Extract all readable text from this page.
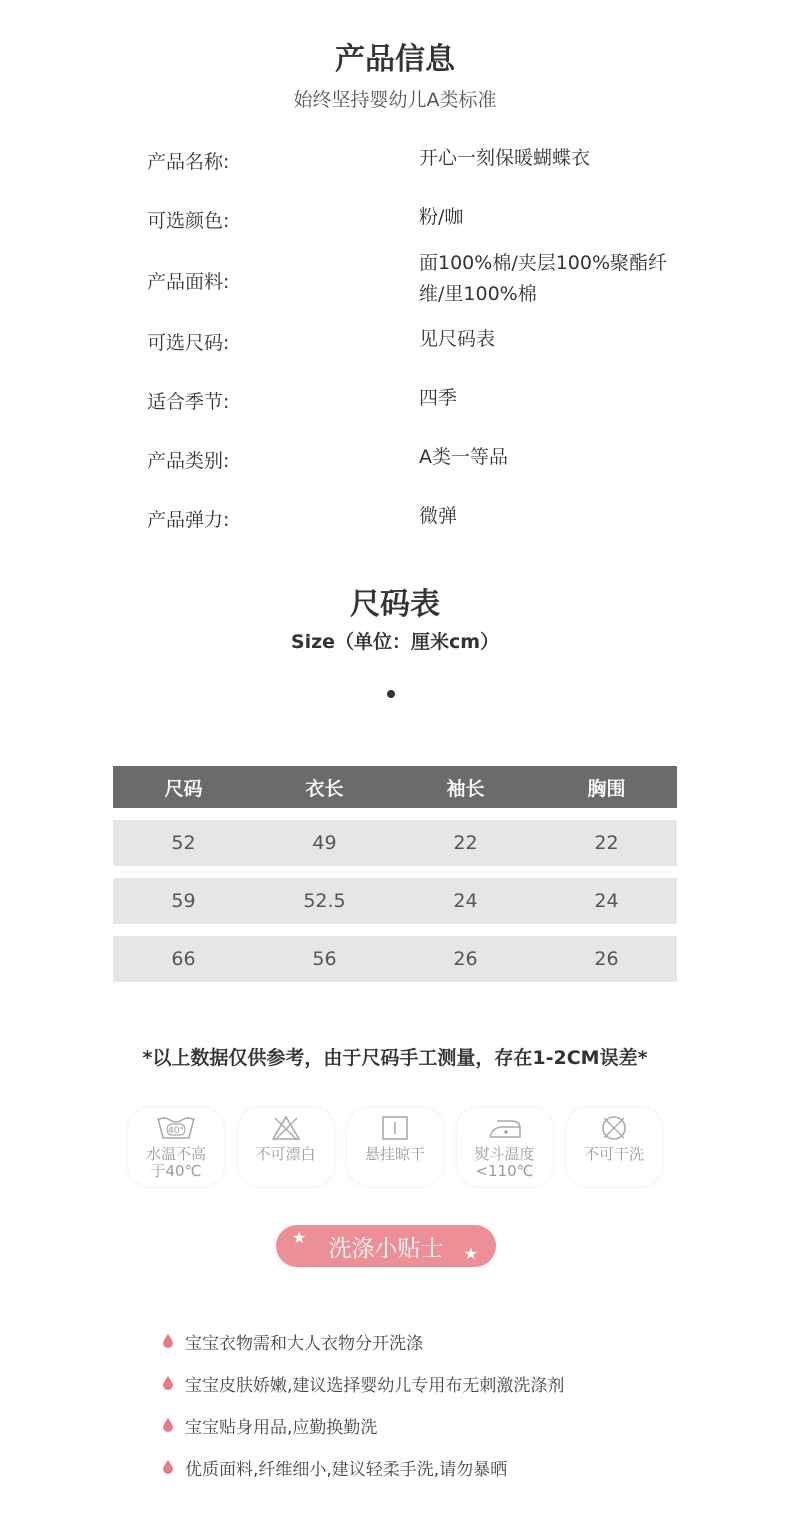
产品信息
始终坚持婴幼儿A类标准
产品名称:	开心一刻保暖蝴蝶衣
可选颜色:	粉/咖
产品面料:
面100%棉/夹层100%聚酯纤维/里100%棉
可选尺码:	见尺码表
适合季节:	四季
产品类别:	A类一等品
产品弹力:	微弹
尺码表
Size（单位：厘米cm）
尺码	衣长	袖长	胸围
52	49	22	22
59	52.5	24	24
66	56	26	26
*以上数据仅供参考，由于尺码手工测量，存在1-2CM误差*
40°
水温不高
于40℃
不可漂白	悬挂晾干	熨斗温度
<110℃
不可干洗
★ 洗涤小贴士 ★
宝宝衣物需和大人衣物分开洗涤
宝宝皮肤娇嫩,建议选择婴幼儿专用布无刺激洗涤剂
宝宝贴身用品,应勤换勤洗
优质面料,纤维细小,建议轻柔手洗,请勿暴晒
